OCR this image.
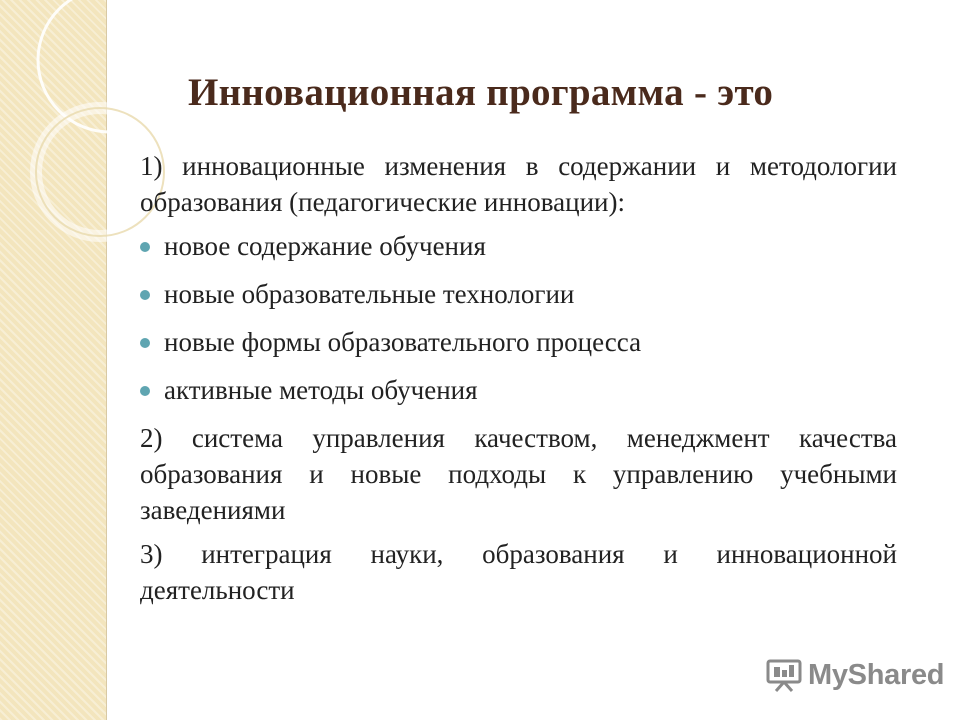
Инновационная программа - это

1) инновационные изменения в содержании и методологии образования (педагогические инновации):

новое содержание обучения
новые образовательные технологии
новые формы образовательного процесса
активные методы обучения

2) система управления качеством, менеджмент качества образования и новые подходы к управлению учебными заведениями

3) интеграция науки, образования и инновационной деятельности

MyShared
